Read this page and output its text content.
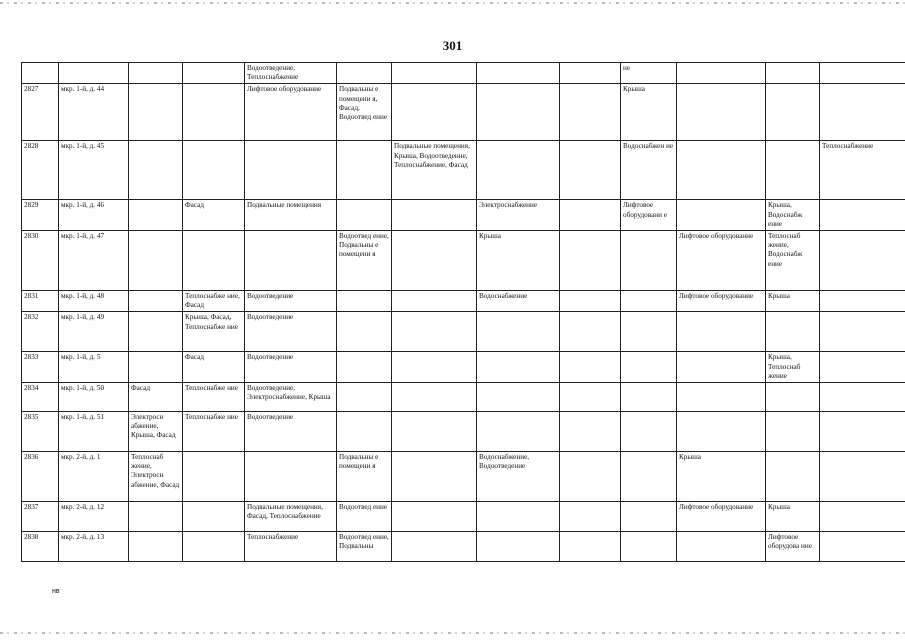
301
				Водоотведение, Теплоснабжение					не			
2827	мкр. 1-й, д. 44			Лифтовое оборудование	Подвальны е помещени я, Фасад, Водоотвед ение				Крыша			
2828	мкр. 1-й, д. 45					Подвальные помещения, Крыша, Водоотведение, Теплоснабжение, Фасад			Водоснабжен ие			Теплоснабжение
2829	мкр. 1-й, д. 46		Фасад	Подвальные помещения			Электроснабжение		Лифтовое оборудовани е		Крыша, Водоснабж ение	
2830	мкр. 1-й, д. 47				Водоотвед ение, Подвальны е помещени я		Крыша			Лифтовое оборудование	Теплоснаб жение, Водоснабж ение	
2831	мкр. 1-й, д. 48		Теплоснабже ние, Фасад	Водоотведение			Водоснабжение			Лифтовое оборудование	Крыша	
2832	мкр. 1-й, д. 49		Крыша, Фасад, Теплоснабже ние	Водоотведение								
2833	мкр. 1-й, д. 5		Фасад	Водоотведение							Крыша, Теплоснаб жение	
2834	мкр. 1-й, д. 50	Фасад	Теплоснабже ние	Водоотведение, Электроснабжение, Крыша								
2835	мкр. 1-й, д. 51	Электросн абжение, Крыша, Фасад	Теплоснабже ние	Водоотведение								
2836	мкр. 2-й, д. 1	Теплоснаб жение, Электросн абжение, Фасад			Подвальны е помещени я		Водоснабжение, Водоотведение			Крыша		
2837	мкр. 2-й, д. 12			Подвальные помещения, Фасад, Теплоснабжение	Водоотвед ение					Лифтовое оборудование	Крыша	
2838	мкр. 2-й, д. 13			Теплоснабжение	Водоотвед ение, Подвальны						Лифтовое оборудова ние	
нв
